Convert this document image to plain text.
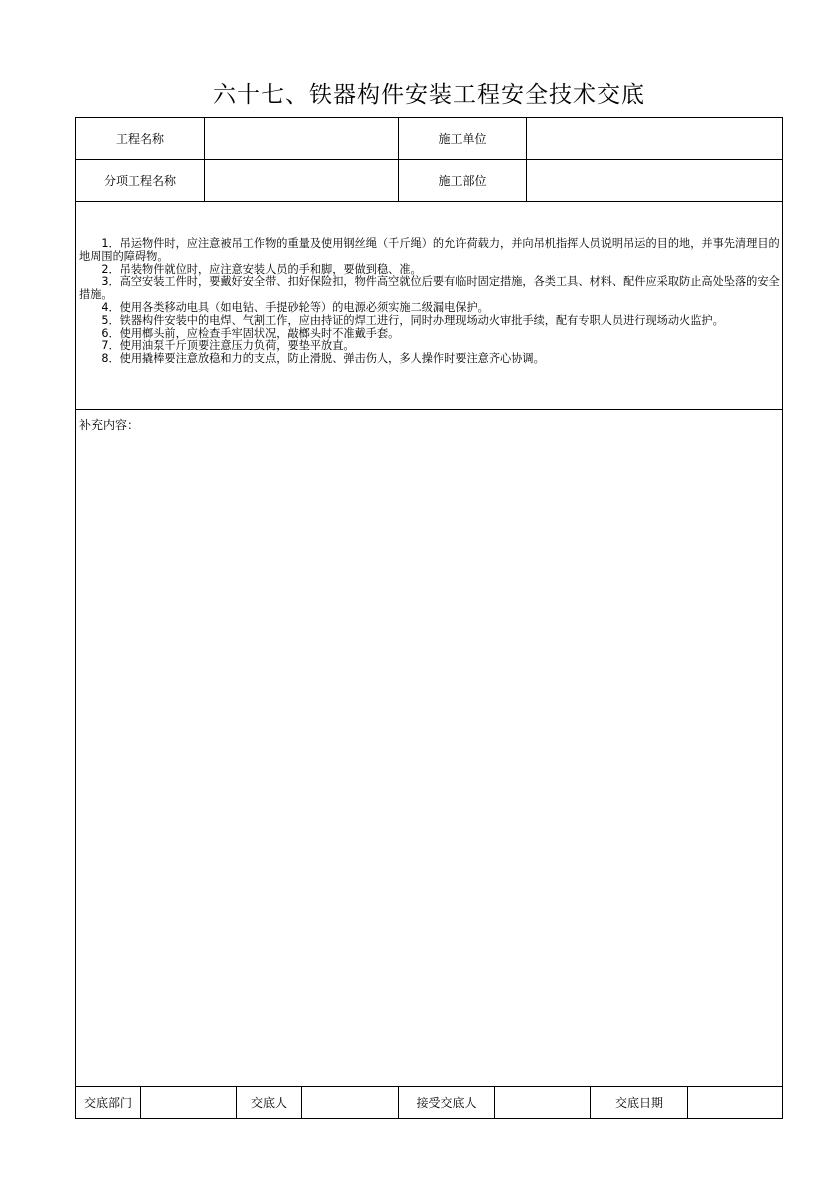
六十七、铁器构件安装工程安全技术交底
工程名称	施工单位
分项工程名称	施工部位

　　1．吊运物件时，应注意被吊工作物的重量及使用钢丝绳（千斤绳）的允许荷载力，并向吊机指挥人员说明吊运的目的地，并事先清理目的地周围的障碍物。

　　2．吊装物件就位时，应注意安装人员的手和脚，要做到稳、准。

　　3．高空安装工件时，要戴好安全带、扣好保险扣，物件高空就位后要有临时固定措施，各类工具、材料、配件应采取防止高处坠落的安全措施。

　　4．使用各类移动电具（如电钻、手提砂轮等）的电源必须实施二级漏电保护。

　　5．铁器构件安装中的电焊、气割工作，应由持证的焊工进行，同时办理现场动火审批手续，配有专职人员进行现场动火监护。

　　6．使用榔头前，应检查手牢固状况，敲榔头时不准戴手套。

　　7．使用油泵千斤顶要注意压力负荷，要垫平放直。

　　8．使用撬棒要注意放稳和力的支点，防止滑脱、弹击伤人，多人操作时要注意齐心协调。

补充内容：
交底部门	交底人	接受交底人	交底日期
